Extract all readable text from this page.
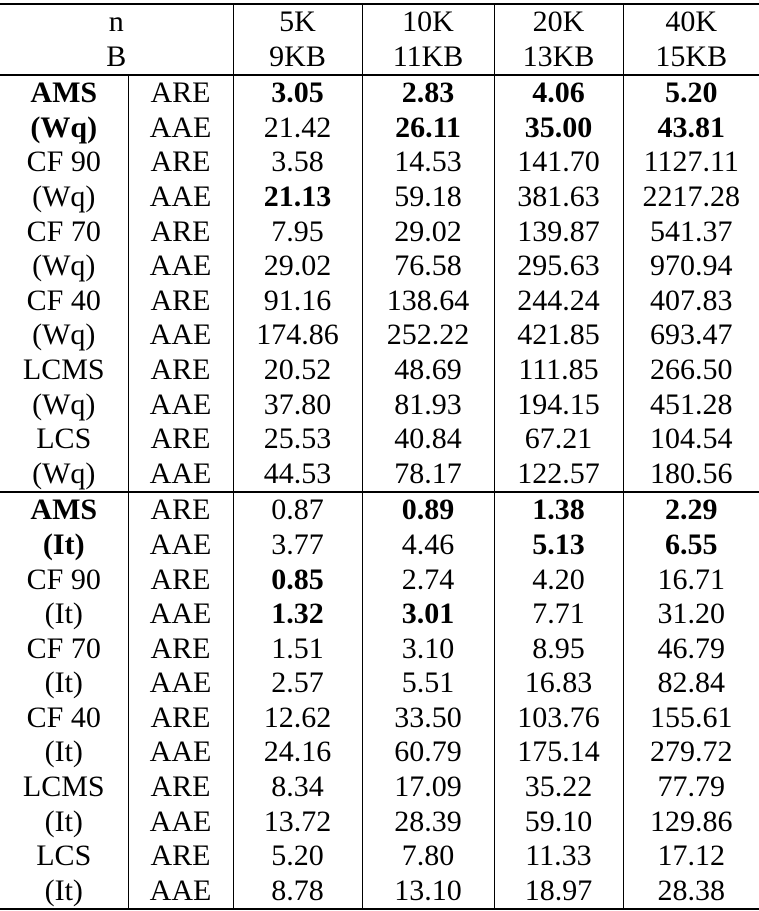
n		5K	10K	20K	40K
B		9KB	11KB	13KB	15KB
AMS	ARE	3.05	2.83	4.06	5.20
(Wq)	AAE	21.42	26.11	35.00	43.81
CF 90	ARE	3.58	14.53	141.70	1127.11
(Wq)	AAE	21.13	59.18	381.63	2217.28
CF 70	ARE	7.95	29.02	139.87	541.37
(Wq)	AAE	29.02	76.58	295.63	970.94
CF 40	ARE	91.16	138.64	244.24	407.83
(Wq)	AAE	174.86	252.22	421.85	693.47
LCMS	ARE	20.52	48.69	111.85	266.50
(Wq)	AAE	37.80	81.93	194.15	451.28
LCS	ARE	25.53	40.84	67.21	104.54
(Wq)	AAE	44.53	78.17	122.57	180.56
AMS	ARE	0.87	0.89	1.38	2.29
(It)	AAE	3.77	4.46	5.13	6.55
CF 90	ARE	0.85	2.74	4.20	16.71
(It)	AAE	1.32	3.01	7.71	31.20
CF 70	ARE	1.51	3.10	8.95	46.79
(It)	AAE	2.57	5.51	16.83	82.84
CF 40	ARE	12.62	33.50	103.76	155.61
(It)	AAE	24.16	60.79	175.14	279.72
LCMS	ARE	8.34	17.09	35.22	77.79
(It)	AAE	13.72	28.39	59.10	129.86
LCS	ARE	5.20	7.80	11.33	17.12
(It)	AAE	8.78	13.10	18.97	28.38
